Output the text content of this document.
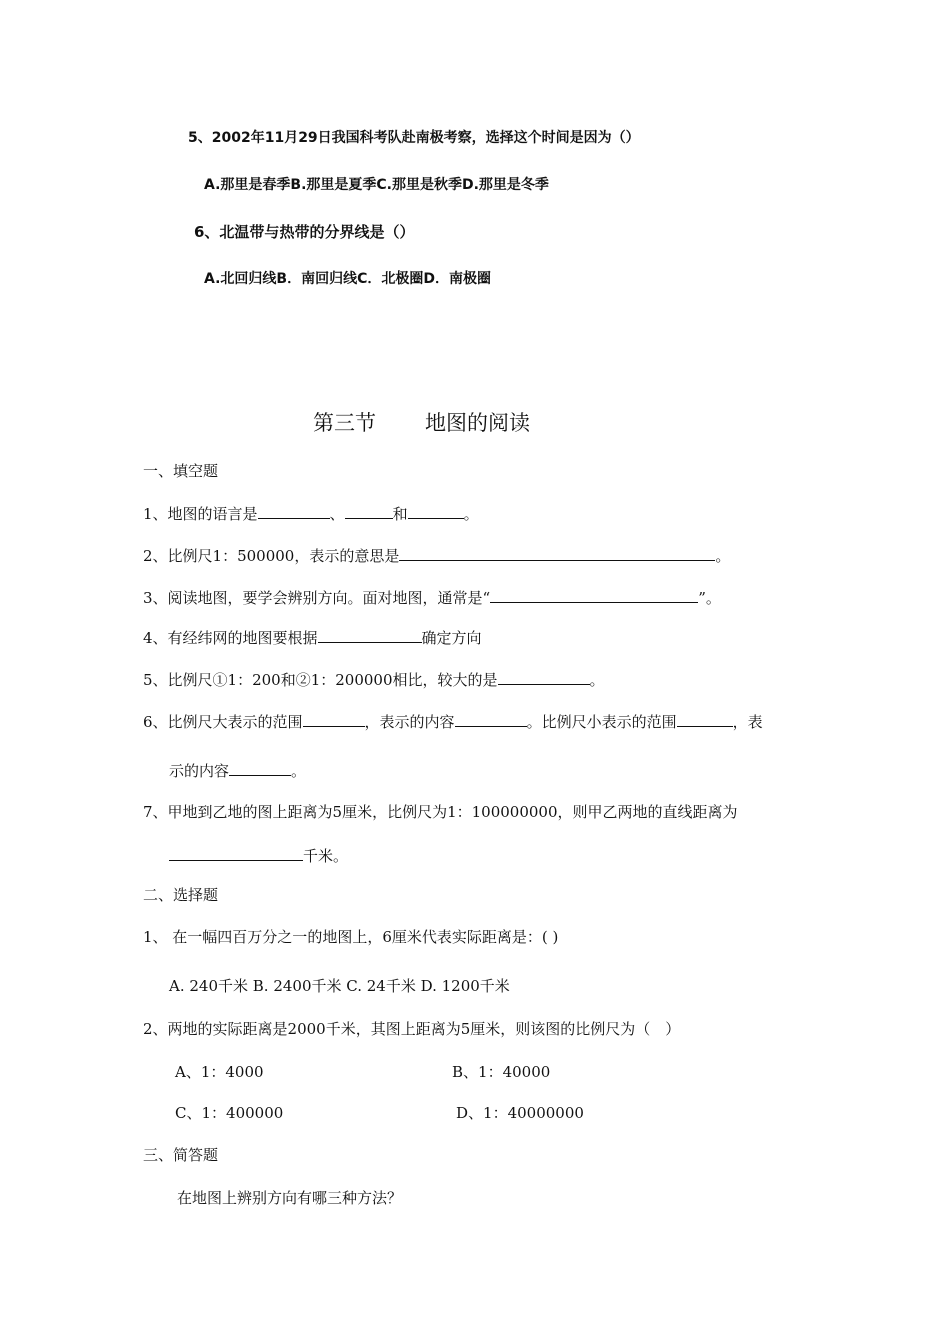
5、2002年11月29日我国科考队赴南极考察，选择这个时间是因为（）
A.那里是春季B.那里是夏季C.那里是秋季D.那里是冬季
6、北温带与热带的分界线是（）
A.北回归线B．南回归线C．北极圈D．南极圈
第三节 地图的阅读
一、填空题
1、地图的语言是	、	和	。
2、比例尺1：500000，表示的意思是	。
3、阅读地图，要学会辨别方向。面对地图，通常是“	”。
4、有经纬网的地图要根据	确定方向
5、比例尺①1：200和②1：200000相比，较大的是	。
6、比例尺大表示的范围	，表示的内容	。比例尺小表示的范围	，表
示的内容	。
7、甲地到乙地的图上距离为5厘米，比例尺为1：100000000，则甲乙两地的直线距离为
千米。
二、选择题
1、 在一幅四百万分之一的地图上，6厘米代表实际距离是：( )
A. 240千米 B. 2400千米 C. 24千米 D. 1200千米
2、两地的实际距离是2000千米，其图上距离为5厘米，则该图的比例尺为（　）
A、1：4000	B、1：40000
C、1：400000	D、1：40000000
三、简答题
在地图上辨别方向有哪三种方法？
